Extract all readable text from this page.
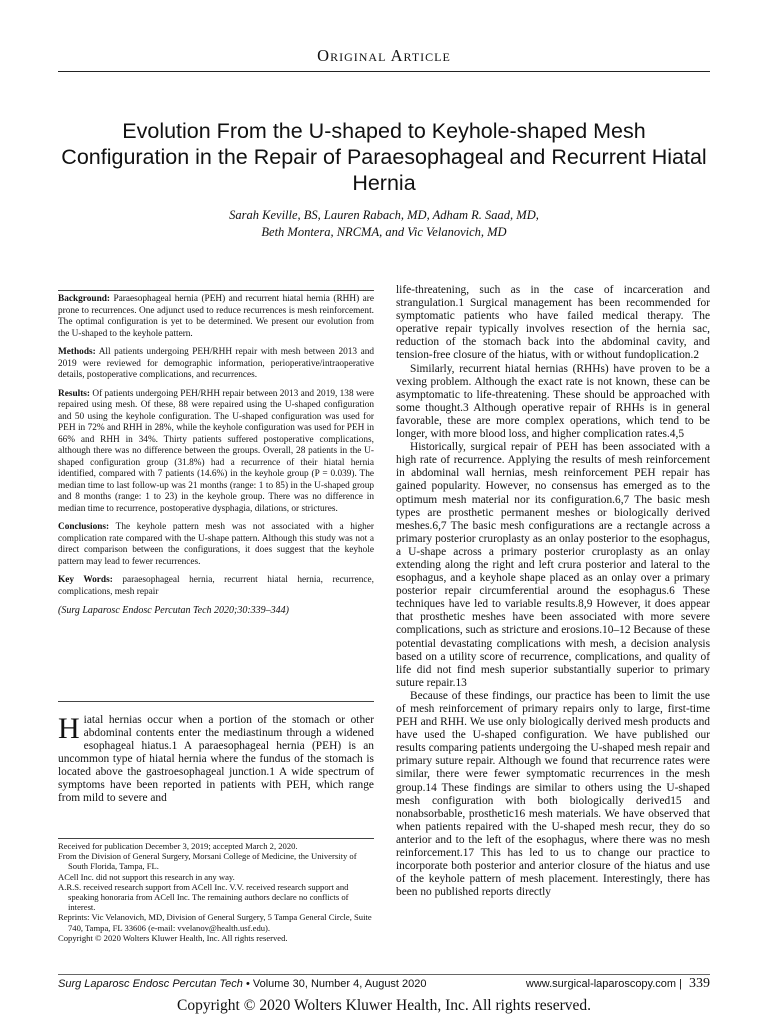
Original Article
Evolution From the U-shaped to Keyhole-shaped Mesh Configuration in the Repair of Paraesophageal and Recurrent Hiatal Hernia
Sarah Keville, BS, Lauren Rabach, MD, Adham R. Saad, MD,
Beth Montera, NRCMA, and Vic Velanovich, MD

Background: Paraesophageal hernia (PEH) and recurrent hiatal hernia (RHH) are prone to recurrences. One adjunct used to reduce recurrences is mesh reinforcement. The optimal configuration is yet to be determined. We present our evolution from the U-shaped to the keyhole pattern.

Methods: All patients undergoing PEH/RHH repair with mesh between 2013 and 2019 were reviewed for demographic information, perioperative/intraoperative details, postoperative complications, and recurrences.

Results: Of patients undergoing PEH/RHH repair between 2013 and 2019, 138 were repaired using mesh. Of these, 88 were repaired using the U-shaped configuration and 50 using the keyhole configuration. The U-shaped configuration was used for PEH in 72% and RHH in 28%, while the keyhole configuration was used for PEH in 66% and RHH in 34%. Thirty patients suffered postoperative complications, although there was no difference between the groups. Overall, 28 patients in the U-shaped configuration group (31.8%) had a recurrence of their hiatal hernia identified, compared with 7 patients (14.6%) in the keyhole group (P = 0.039). The median time to last follow-up was 21 months (range: 1 to 85) in the U-shaped group and 8 months (range: 1 to 23) in the keyhole group. There was no difference in median time to recurrence, postoperative dysphagia, dilations, or strictures.

Conclusions: The keyhole pattern mesh was not associated with a higher complication rate compared with the U-shape pattern. Although this study was not a direct comparison between the configurations, it does suggest that the keyhole pattern may lead to fewer recurrences.

Key Words: paraesophageal hernia, recurrent hiatal hernia, recurrence, complications, mesh repair

(Surg Laparosc Endosc Percutan Tech 2020;30:339–344)

Hiatal hernias occur when a portion of the stomach or other abdominal contents enter the mediastinum through a widened esophageal hiatus.1 A paraesophageal hernia (PEH) is an uncommon type of hiatal hernia where the fundus of the stomach is located above the gastroesophageal junction.1 A wide spectrum of symptoms have been reported in patients with PEH, which range from mild to severe and

Received for publication December 3, 2019; accepted March 2, 2020.

From the Division of General Surgery, Morsani College of Medicine, the University of South Florida, Tampa, FL.

ACell Inc. did not support this research in any way.

A.R.S. received research support from ACell Inc. V.V. received research support and speaking honoraria from ACell Inc. The remaining authors declare no conflicts of interest.

Reprints: Vic Velanovich, MD, Division of General Surgery, 5 Tampa General Circle, Suite 740, Tampa, FL 33606 (e-mail: vvelanov@health.usf.edu).

Copyright © 2020 Wolters Kluwer Health, Inc. All rights reserved.

life-threatening, such as in the case of incarceration and strangulation.1 Surgical management has been recommended for symptomatic patients who have failed medical therapy. The operative repair typically involves resection of the hernia sac, reduction of the stomach back into the abdominal cavity, and tension-free closure of the hiatus, with or without fundoplication.2

Similarly, recurrent hiatal hernias (RHHs) have proven to be a vexing problem. Although the exact rate is not known, these can be asymptomatic to life-threatening. These should be approached with some thought.3 Although operative repair of RHHs is in general favorable, these are more complex operations, which tend to be longer, with more blood loss, and higher complication rates.4,5

Historically, surgical repair of PEH has been associated with a high rate of recurrence. Applying the results of mesh reinforcement in abdominal wall hernias, mesh reinforcement PEH repair has gained popularity. However, no consensus has emerged as to the optimum mesh material nor its configuration.6,7 The basic mesh types are prosthetic permanent meshes or biologically derived meshes.6,7 The basic mesh configurations are a rectangle across a primary posterior cruroplasty as an onlay posterior to the esophagus, a U-shape across a primary posterior cruroplasty as an onlay extending along the right and left crura posterior and lateral to the esophagus, and a keyhole shape placed as an onlay over a primary posterior repair circumferential around the esophagus.6 These techniques have led to variable results.8,9 However, it does appear that prosthetic meshes have been associated with more severe complications, such as stricture and erosions.10–12 Because of these potential devastating complications with mesh, a decision analysis based on a utility score of recurrence, complications, and quality of life did not find mesh superior substantially superior to primary suture repair.13

Because of these findings, our practice has been to limit the use of mesh reinforcement of primary repairs only to large, first-time PEH and RHH. We use only biologically derived mesh products and have used the U-shaped configuration. We have published our results comparing patients undergoing the U-shaped mesh repair and primary suture repair. Although we found that recurrence rates were similar, there were fewer symptomatic recurrences in the mesh group.14 These findings are similar to others using the U-shaped mesh configuration with both biologically derived15 and nonabsorbable, prosthetic16 mesh materials. We have observed that when patients repaired with the U-shaped mesh recur, they do so anterior and to the left of the esophagus, where there was no mesh reinforcement.17 This has led to us to change our practice to incorporate both posterior and anterior closure of the hiatus and use of the keyhole pattern of mesh placement. Interestingly, there has been no published reports directly

Surg Laparosc Endosc Percutan Tech • Volume 30, Number 4, August 2020	www.surgical-laparoscopy.com | 339
Copyright © 2020 Wolters Kluwer Health, Inc. All rights reserved.
